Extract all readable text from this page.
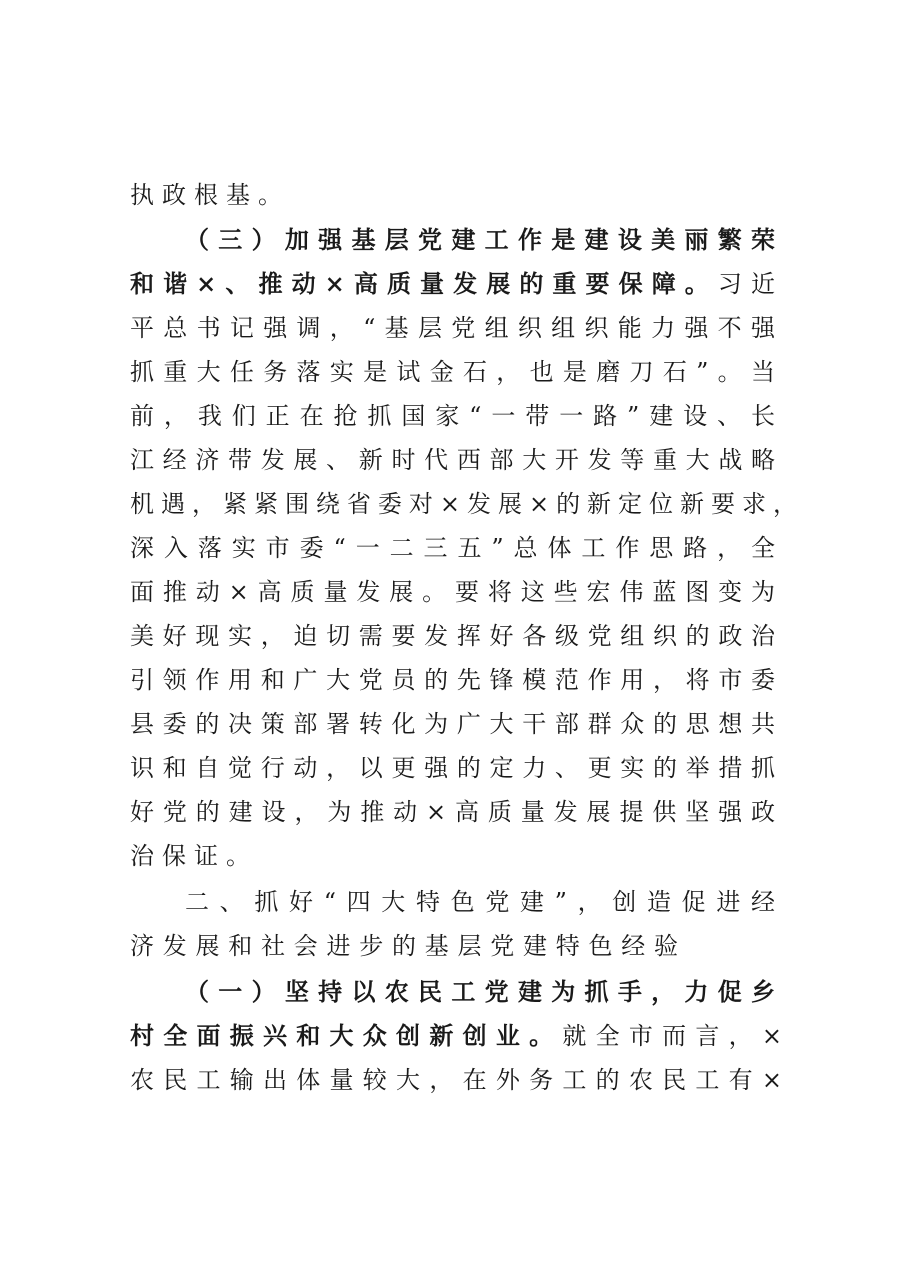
执政根基。
（三）加强基层党建工作是建设美丽繁荣
和谐×、推动×高质量发展的重要保障。习近
平总书记强调，“基层党组织组织能力强不强
抓重大任务落实是试金石，也是磨刀石”。当
前，我们正在抢抓国家“一带一路”建设、长
江经济带发展、新时代西部大开发等重大战略
机遇，紧紧围绕省委对×发展×的新定位新要求，
深入落实市委“一二三五”总体工作思路，全
面推动×高质量发展。要将这些宏伟蓝图变为
美好现实，迫切需要发挥好各级党组织的政治
引领作用和广大党员的先锋模范作用，将市委
县委的决策部署转化为广大干部群众的思想共
识和自觉行动，以更强的定力、更实的举措抓
好党的建设，为推动×高质量发展提供坚强政
治保证。
二、抓好“四大特色党建”，创造促进经
济发展和社会进步的基层党建特色经验
（一）坚持以农民工党建为抓手，力促乡
村全面振兴和大众创新创业。就全市而言，×
农民工输出体量较大，在外务工的农民工有×
